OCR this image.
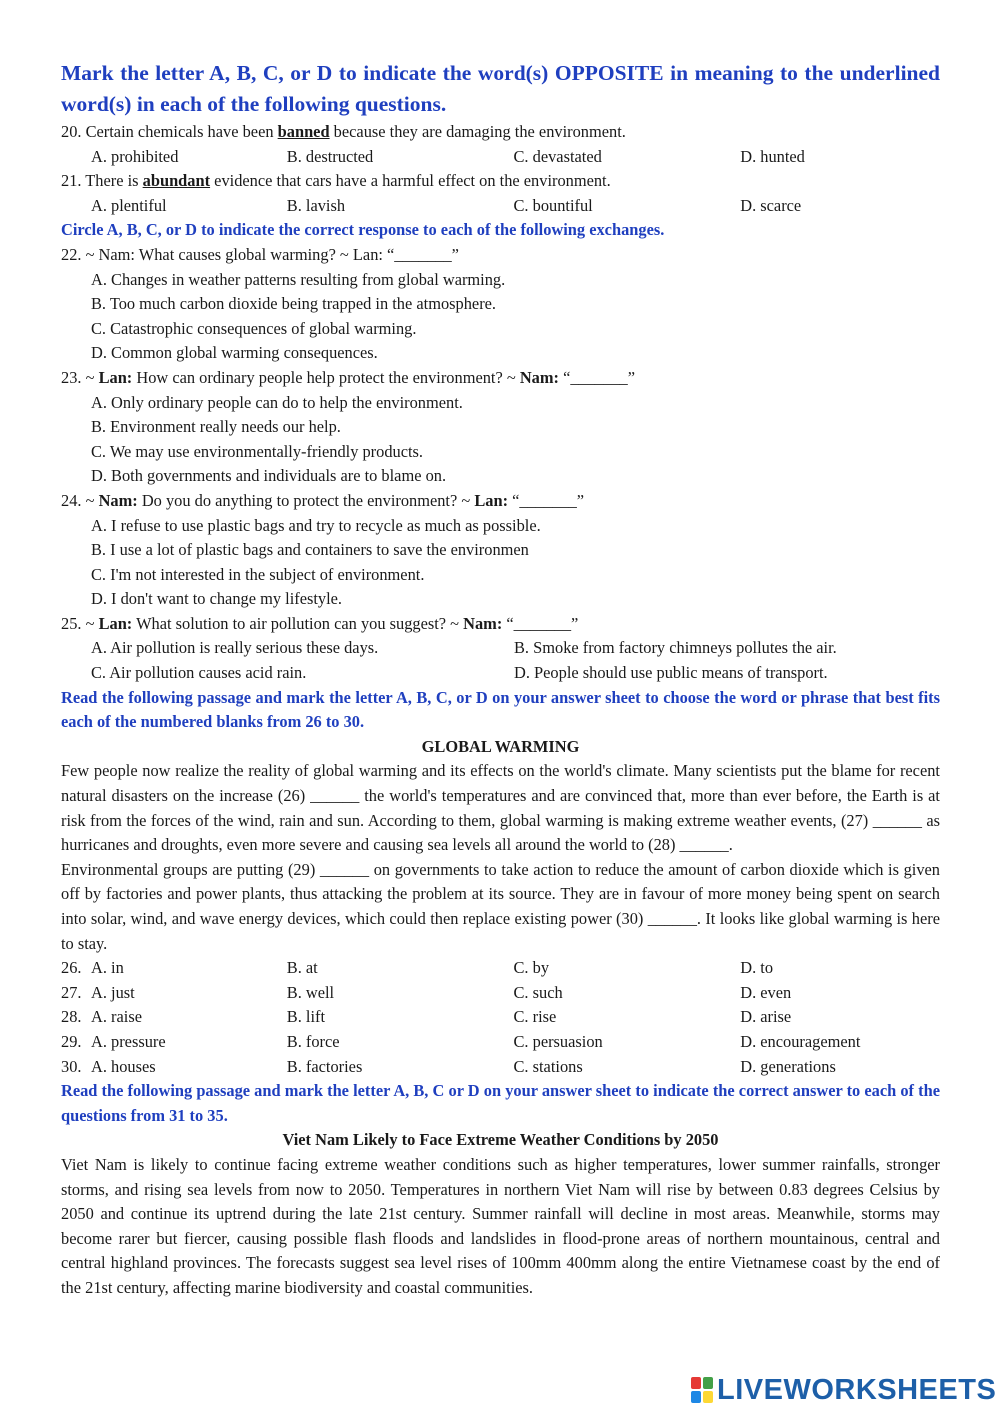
Mark the letter A, B, C, or D to indicate the word(s) OPPOSITE in meaning to the underlined word(s) in each of the following questions.
20. Certain chemicals have been banned because they are damaging the environment.
A. prohibited	B. destructed	C. devastated	D. hunted
21. There is abundant evidence that cars have a harmful effect on the environment.
A. plentiful	B. lavish	C. bountiful	D. scarce
Circle A, B, C, or D to indicate the correct response to each of the following exchanges.
22. ~ Nam: What causes global warming? ~ Lan: “_______”
A. Changes in weather patterns resulting from global warming.
B. Too much carbon dioxide being trapped in the atmosphere.
C. Catastrophic consequences of global warming.
D. Common global warming consequences.
23. ~ Lan: How can ordinary people help protect the environment? ~ Nam: “_______”
A. Only ordinary people can do to help the environment.
B. Environment really needs our help.
C. We may use environmentally-friendly products.
D. Both governments and individuals are to blame on.
24. ~ Nam: Do you do anything to protect the environment? ~ Lan: “_______”
A. I refuse to use plastic bags and try to recycle as much as possible.
B. I use a lot of plastic bags and containers to save the environmen
C. I'm not interested in the subject of environment.
D. I don't want to change my lifestyle.
25. ~ Lan: What solution to air pollution can you suggest? ~ Nam: “_______”
A. Air pollution is really serious these days.	B. Smoke from factory chimneys pollutes the air.
C. Air pollution causes acid rain.	D. People should use public means of transport.
Read the following passage and mark the letter A, B, C, or D on your answer sheet to choose the word or phrase that best fits each of the numbered blanks from 26 to 30.
GLOBAL WARMING
Few people now realize the reality of global warming and its effects on the world's climate. Many scientists put the blame for recent natural disasters on the increase (26) ______ the world's temperatures and are convinced that, more than ever before, the Earth is at risk from the forces of the wind, rain and sun. According to them, global warming is making extreme weather events, (27) ______ as hurricanes and droughts, even more severe and causing sea levels all around the world to (28) ______.
Environmental groups are putting (29) ______ on governments to take action to reduce the amount of carbon dioxide which is given off by factories and power plants, thus attacking the problem at its source. They are in favour of more money being spent on search into solar, wind, and wave energy devices, which could then replace existing power (30) ______. It looks like global warming is here to stay.
26. A. in	B. at	C. by	D. to
27. A. just	B. well	C. such	D. even
28. A. raise	B. lift	C. rise	D. arise
29. A. pressure	B. force	C. persuasion	D. encouragement
30. A. houses	B. factories	C. stations	D. generations
Read the following passage and mark the letter A, B, C or D on your answer sheet to indicate the correct answer to each of the questions from 31 to 35.
Viet Nam Likely to Face Extreme Weather Conditions by 2050
Viet Nam is likely to continue facing extreme weather conditions such as higher temperatures, lower summer rainfalls, stronger storms, and rising sea levels from now to 2050. Temperatures in northern Viet Nam will rise by between 0.83 degrees Celsius by 2050 and continue its uptrend during the late 21st century. Summer rainfall will decline in most areas. Meanwhile, storms may become rarer but fiercer, causing possible flash floods and landslides in flood-prone areas of northern mountainous, central and central highland provinces. The forecasts suggest sea level rises of 100mm 400mm along the entire Vietnamese coast by the end of the 21st century, affecting marine biodiversity and coastal communities.
LIVEWORKSHEETS
